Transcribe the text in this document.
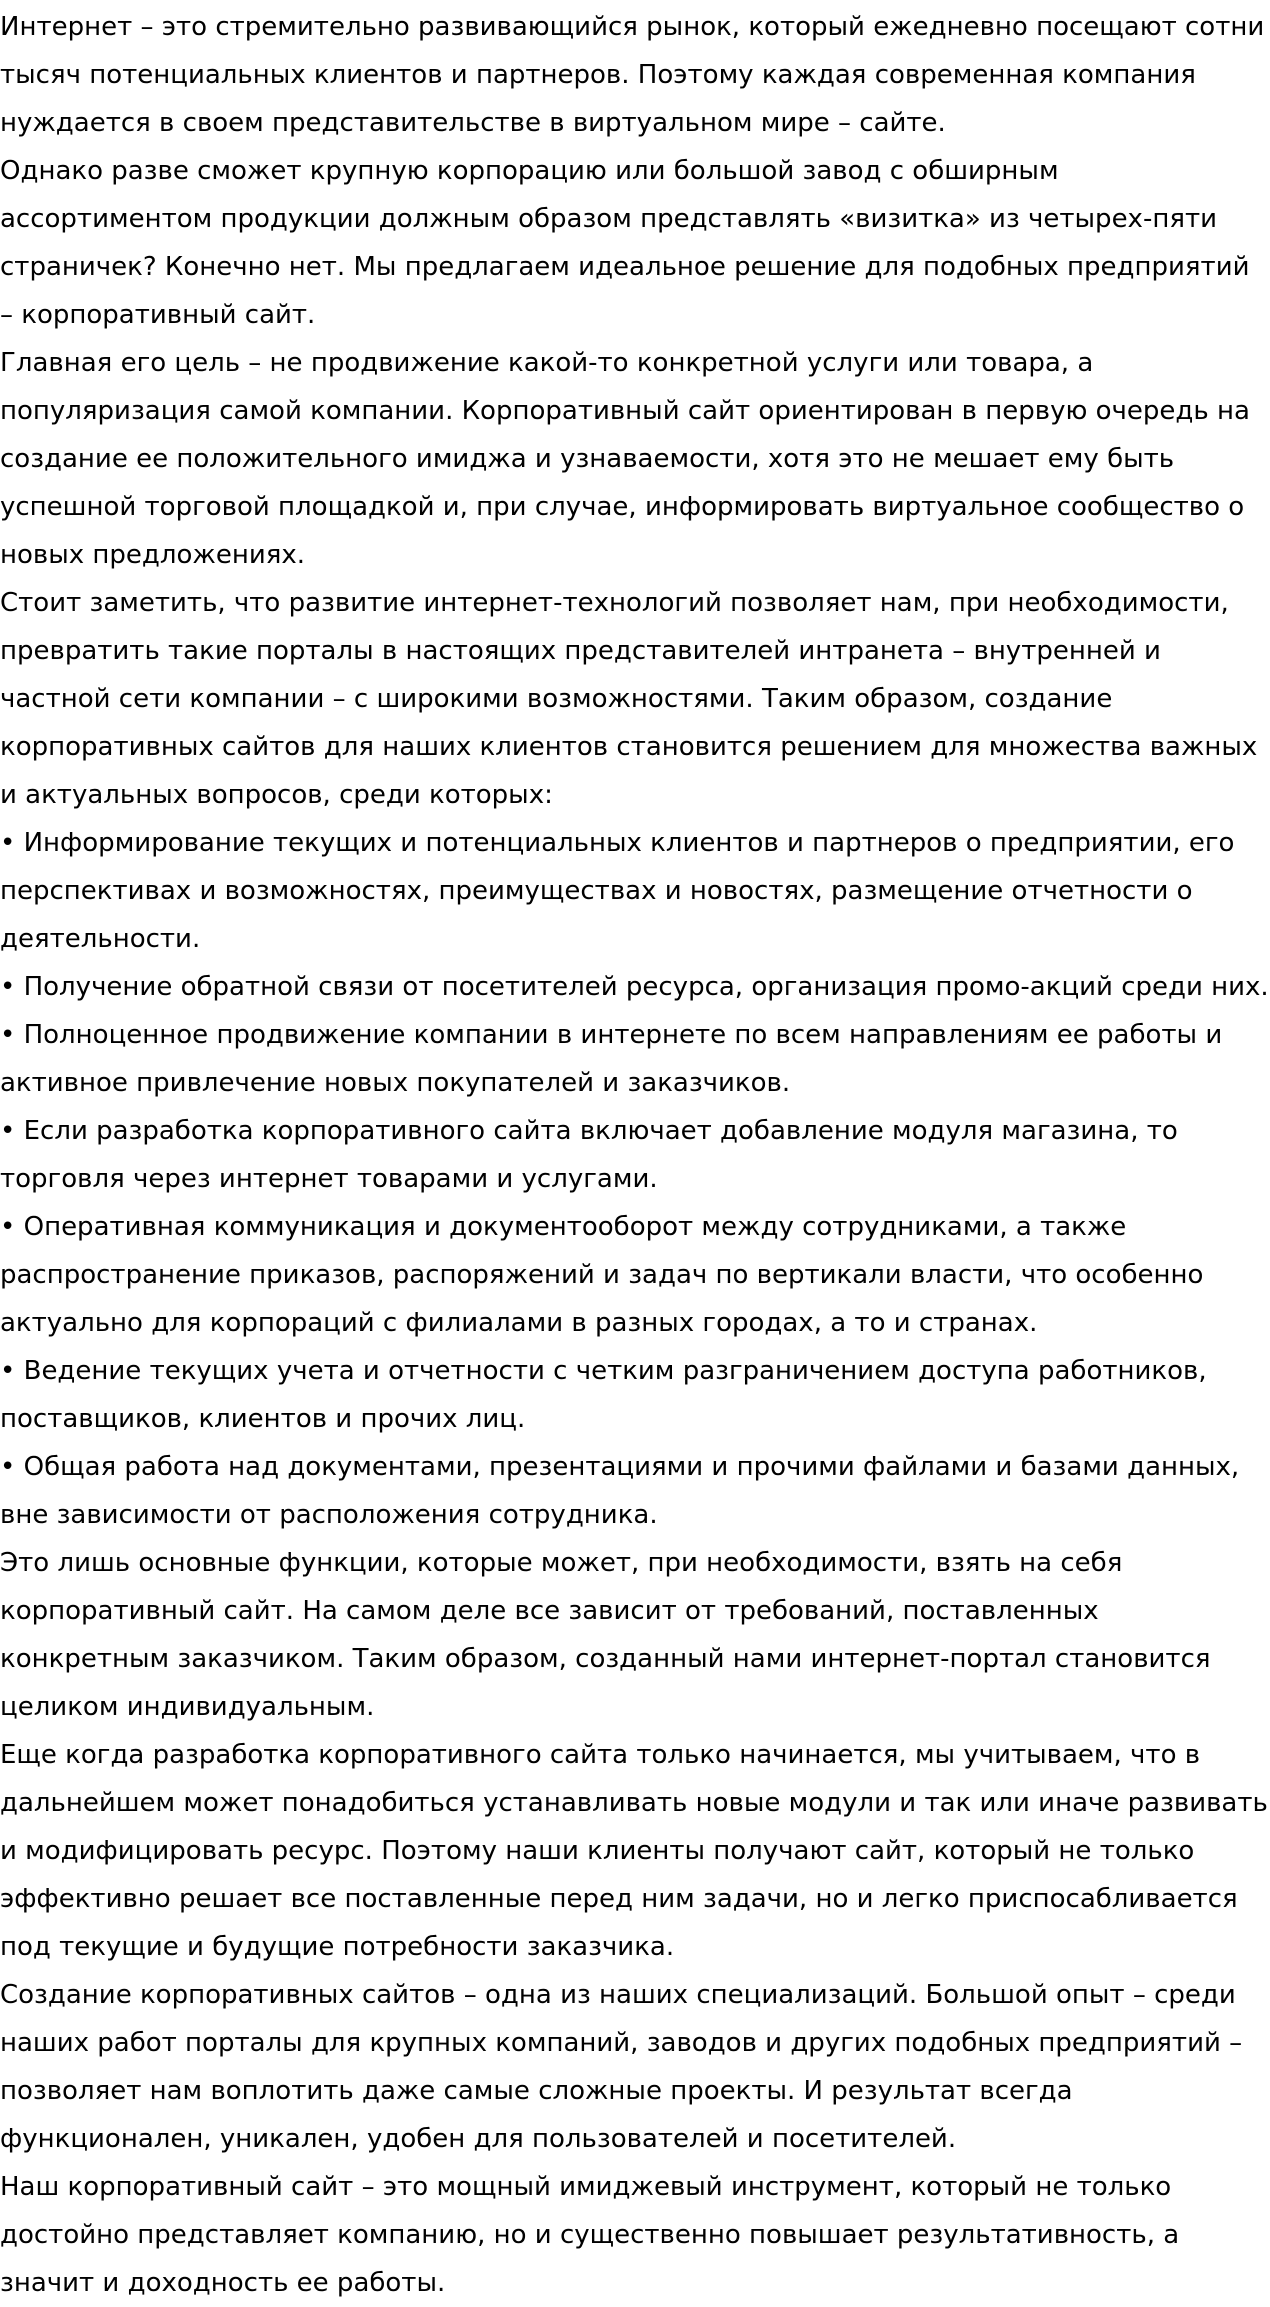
Интернет – это стремительно развивающийся рынок, который ежедневно посещают сотни тысяч потенциальных клиентов и партнеров. Поэтому каждая современная компания нуждается в своем представительстве в виртуальном мире – сайте.

Однако разве сможет крупную корпорацию или большой завод с обширным ассортиментом продукции должным образом представлять «визитка» из четырех-пяти страничек? Конечно нет. Мы предлагаем идеальное решение для подобных предприятий – корпоративный сайт.

Главная его цель – не продвижение какой-то конкретной услуги или товара, а популяризация самой компании. Корпоративный сайт ориентирован в первую очередь на создание ее положительного имиджа и узнаваемости, хотя это не мешает ему быть успешной торговой площадкой и, при случае, информировать виртуальное сообщество о новых предложениях.

Стоит заметить, что развитие интернет-технологий позволяет нам, при необходимости, превратить такие порталы в настоящих представителей интранета – внутренней и частной сети компании – с широкими возможностями. Таким образом, создание корпоративных сайтов для наших клиентов становится решением для множества важных и актуальных вопросов, среди которых:

• Информирование текущих и потенциальных клиентов и партнеров о предприятии, его перспективах и возможностях, преимуществах и новостях, размещение отчетности о деятельности.

• Получение обратной связи от посетителей ресурса, организация промо-акций среди них.

• Полноценное продвижение компании в интернете по всем направлениям ее работы и активное привлечение новых покупателей и заказчиков.

• Если разработка корпоративного сайта включает добавление модуля магазина, то торговля через интернет товарами и услугами.

• Оперативная коммуникация и документооборот между сотрудниками, а также распространение приказов, распоряжений и задач по вертикали власти, что особенно актуально для корпораций с филиалами в разных городах, а то и странах.

• Ведение текущих учета и отчетности с четким разграничением доступа работников, поставщиков, клиентов и прочих лиц.

• Общая работа над документами, презентациями и прочими файлами и базами данных, вне зависимости от расположения сотрудника.

Это лишь основные функции, которые может, при необходимости, взять на себя корпоративный сайт. На самом деле все зависит от требований, поставленных конкретным заказчиком. Таким образом, созданный нами интернет-портал становится целиком индивидуальным.

Еще когда разработка корпоративного сайта только начинается, мы учитываем, что в дальнейшем может понадобиться устанавливать новые модули и так или иначе развивать и модифицировать ресурс. Поэтому наши клиенты получают сайт, который не только эффективно решает все поставленные перед ним задачи, но и легко приспосабливается под текущие и будущие потребности заказчика.

Создание корпоративных сайтов – одна из наших специализаций. Большой опыт – среди наших работ порталы для крупных компаний, заводов и других подобных предприятий – позволяет нам воплотить даже самые сложные проекты. И результат всегда функционален, уникален, удобен для пользователей и посетителей.

Наш корпоративный сайт – это мощный имиджевый инструмент, который не только достойно представляет компанию, но и существенно повышает результативность, а значит и доходность ее работы.
